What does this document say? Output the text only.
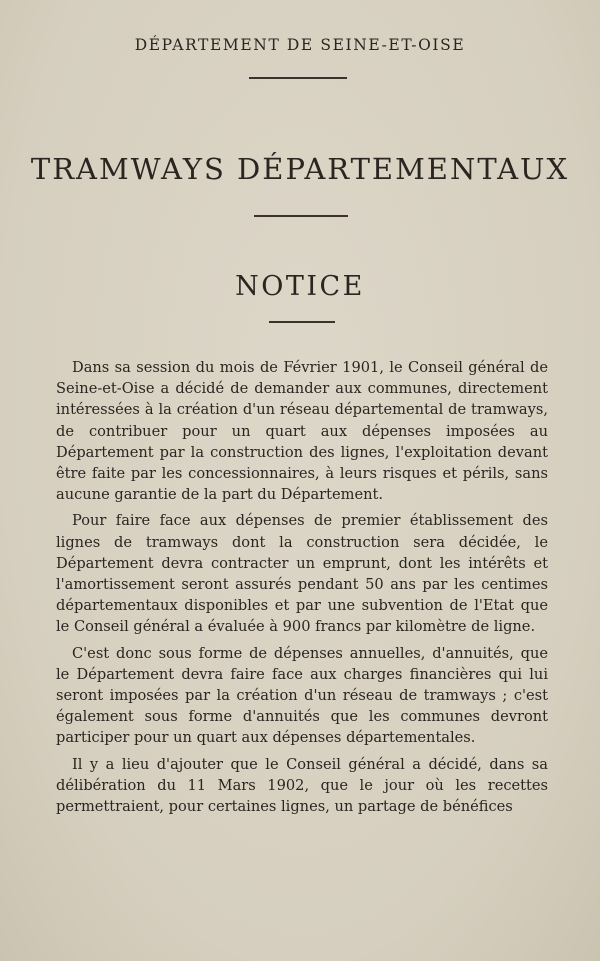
DÉPARTEMENT DE SEINE-ET-OISE
TRAMWAYS DÉPARTEMENTAUX
NOTICE

Dans sa session du mois de Février 1901, le Conseil général de Seine-et-Oise a décidé de demander aux communes, directement intéressées à la création d'un réseau départemental de tramways, de contribuer pour un quart aux dépenses imposées au Département par la construction des lignes, l'exploitation devant être faite par les concessionnaires, à leurs risques et périls, sans aucune garantie de la part du Département.

Pour faire face aux dépenses de premier établissement des lignes de tramways dont la construction sera décidée, le Département devra contracter un emprunt, dont les intérêts et l'amortissement seront assurés pendant 50 ans par les centimes départementaux disponibles et par une subvention de l'Etat que le Conseil général a évaluée à 900 francs par kilomètre de ligne.

C'est donc sous forme de dépenses annuelles, d'annuités, que le Département devra faire face aux charges financières qui lui seront imposées par la création d'un réseau de tramways ; c'est également sous forme d'annuités que les communes devront participer pour un quart aux dépenses départementales.

Il y a lieu d'ajouter que le Conseil général a décidé, dans sa délibération du 11 Mars 1902, que le jour où les recettes permettraient, pour certaines lignes, un partage de bénéfices
